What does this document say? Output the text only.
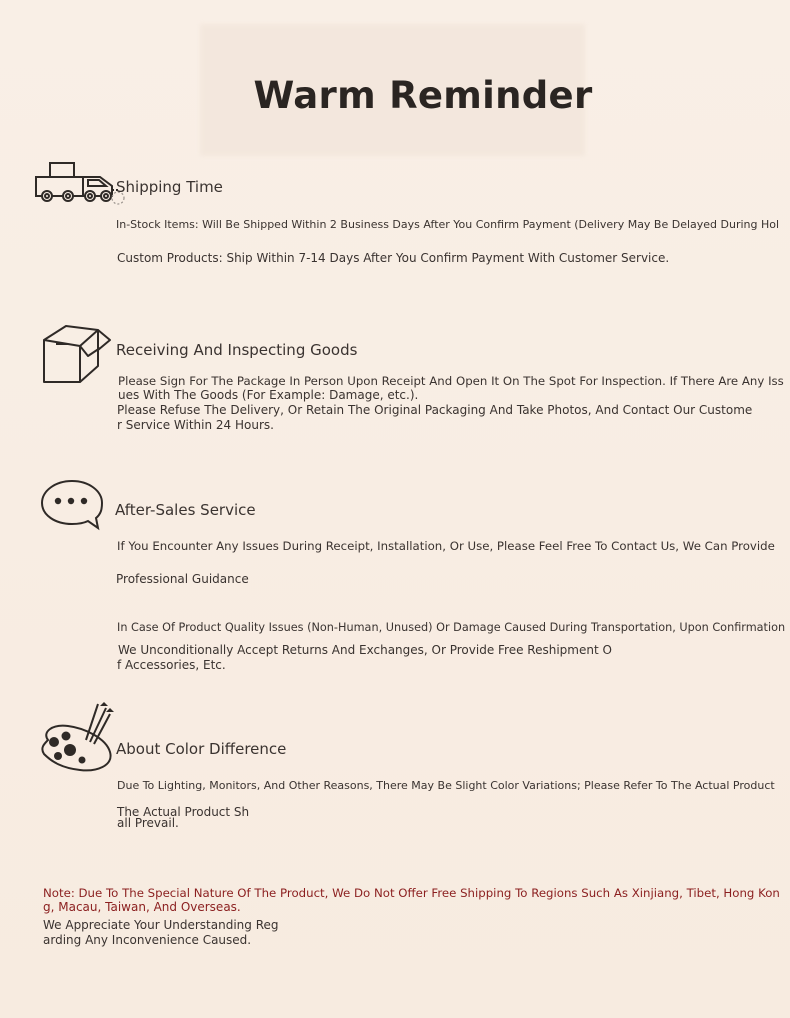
Warm Reminder
Shipping Time
In-Stock Items: Will Be Shipped Within 2 Business Days After You Confirm Payment (Delivery May Be Delayed During Hol
Custom Products: Ship Within 7-14 Days After You Confirm Payment With Customer Service.
Receiving And Inspecting Goods
Please Sign For The Package In Person Upon Receipt And Open It On The Spot For Inspection. If There Are Any Iss
ues With The Goods (For Example: Damage, etc.).
Please Refuse The Delivery, Or Retain The Original Packaging And Take Photos, And Contact Our Custome
r Service Within 24 Hours.
After-Sales Service
If You Encounter Any Issues During Receipt, Installation, Or Use, Please Feel Free To Contact Us, We Can Provide
Professional Guidance
In Case Of Product Quality Issues (Non-Human, Unused) Or Damage Caused During Transportation, Upon Confirmation
We Unconditionally Accept Returns And Exchanges, Or Provide Free Reshipment O
f Accessories, Etc.
About Color Difference
Due To Lighting, Monitors, And Other Reasons, There May Be Slight Color Variations; Please Refer To The Actual Product
The Actual Product Sh
all Prevail.
Note: Due To The Special Nature Of The Product, We Do Not Offer Free Shipping To Regions Such As Xinjiang, Tibet, Hong Kon
g, Macau, Taiwan, And Overseas.
We Appreciate Your Understanding Reg
arding Any Inconvenience Caused.
